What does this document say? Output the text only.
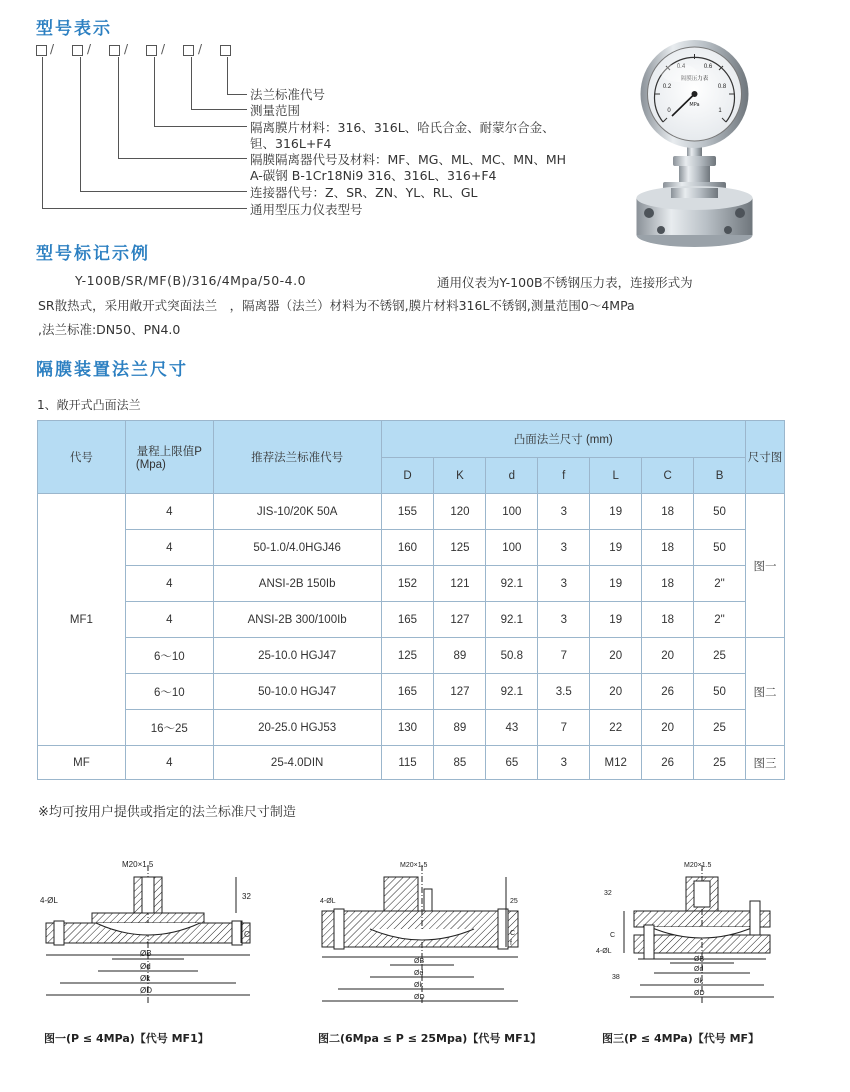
型号表示
/	/	/	/	/
法兰标准代号
测量范围
隔离膜片材料：316、316L、哈氏合金、耐蒙尔合金、
钽、316L+F4
隔膜隔离器代号及材料：MF、MG、ML、MC、MN、MH
A-碳钢 B-1Cr18Ni9 316、316L、316+F4
连接器代号：Z、SR、ZN、YL、RL、GL
通用型压力仪表型号
0
0.2
0.4	0.6
0.8
1
隔膜压力表
MPa
型号标记示例
Y-100B/SR/MF(B)/316/4Mpa/50-4.0	通用仪表为Y-100B不锈钢压力表，连接形式为
SR散热式，采用敞开式突面法兰　，隔离器（法兰）材料为不锈钢,膜片材料316L不锈钢,测量范围0～4MPa
,法兰标准:DN50、PN4.0
隔膜装置法兰尺寸
1、敞开式凸面法兰
代号	量程上限值P
(Mpa)	推荐法兰标准代号	凸面法兰尺寸 (mm)							尺寸图
			D	K	d	f	L	C	B	
MF1	4	JIS-10/20K 50A	155	120	100	3	19	18	50	图一
	4	50-1.0/4.0HGJ46	160	125	100	3	19	18	50	
	4	ANSI-2B 150Ib	152	121	92.1	3	19	18	2"	
	4	ANSI-2B 300/100Ib	165	127	92.1	3	19	18	2"	
	6～10	25-10.0 HGJ47	125	89	50.8	7	20	20	25	图二
	6～10	50-10.0 HGJ47	165	127	92.1	3.5	20	26	50	
	16～25	20-25.0 HGJ53	130	89	43	7	22	20	25	
MF	4	25-4.0DIN	115	85	65	3	M12	26	25	图三
※均可按用户提供或指定的法兰标准尺寸制造
M20×1.5
4-ØL	32
C
ØB
Ød
Øk
ØD
图一(P ≤ 4MPa)【代号 MF1】
M20×1.5
4-ØL	25
C
f
ØB
Ød
Øk
ØD
图二(6Mpa ≤ P ≤ 25Mpa)【代号 MF1】
M20×1.5
32
C
4-ØL
38
ØB
Ød
Øk
ØD
图三(P ≤ 4MPa)【代号 MF】
